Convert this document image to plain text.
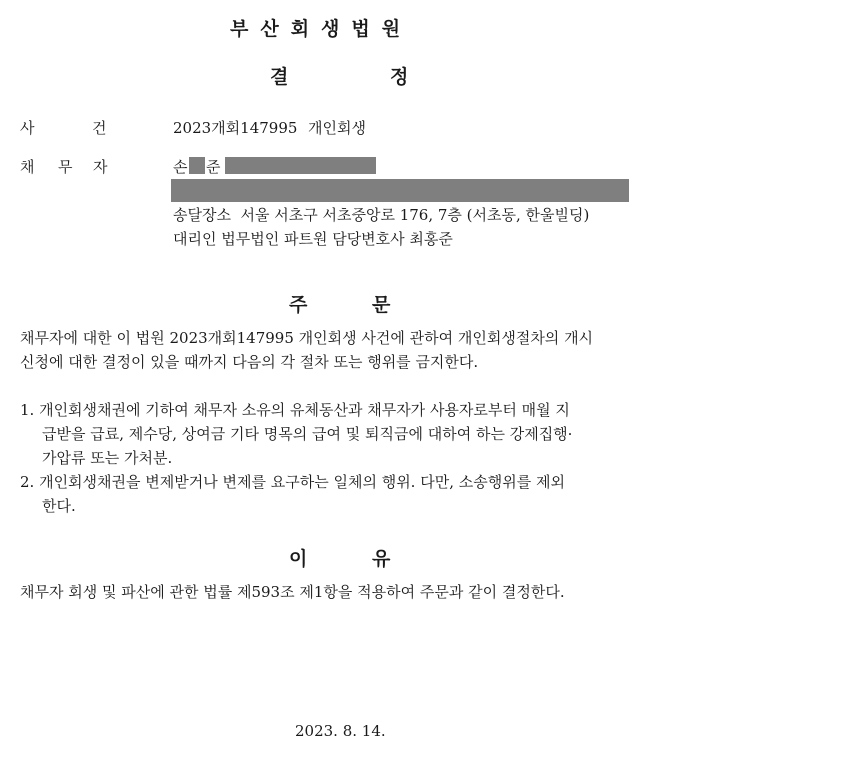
부산회생법원
결	정
사	건	2023개회147995 개인회생
채 무 자	손 준
송달장소  서울 서초구 서초중앙로 176, 7층 (서초동, 한울빌딩)
대리인 법무법인 파트원 담당변호사 최홍준
주	문
채무자에 대한 이 법원 2023개회147995 개인회생 사건에 관하여 개인회생절차의 개시
신청에 대한 결정이 있을 때까지 다음의 각 절차 또는 행위를 금지한다.
1. 개인회생채권에 기하여 채무자 소유의 유체동산과 채무자가 사용자로부터 매월 지
급받을 급료, 제수당, 상여금 기타 명목의 급여 및 퇴직금에 대하여 하는 강제집행·
가압류 또는 가처분.
2. 개인회생채권을 변제받거나 변제를 요구하는 일체의 행위. 다만, 소송행위를 제외
한다.
이	유
채무자 회생 및 파산에 관한 법률 제593조 제1항을 적용하여 주문과 같이 결정한다.
2023. 8. 14.
